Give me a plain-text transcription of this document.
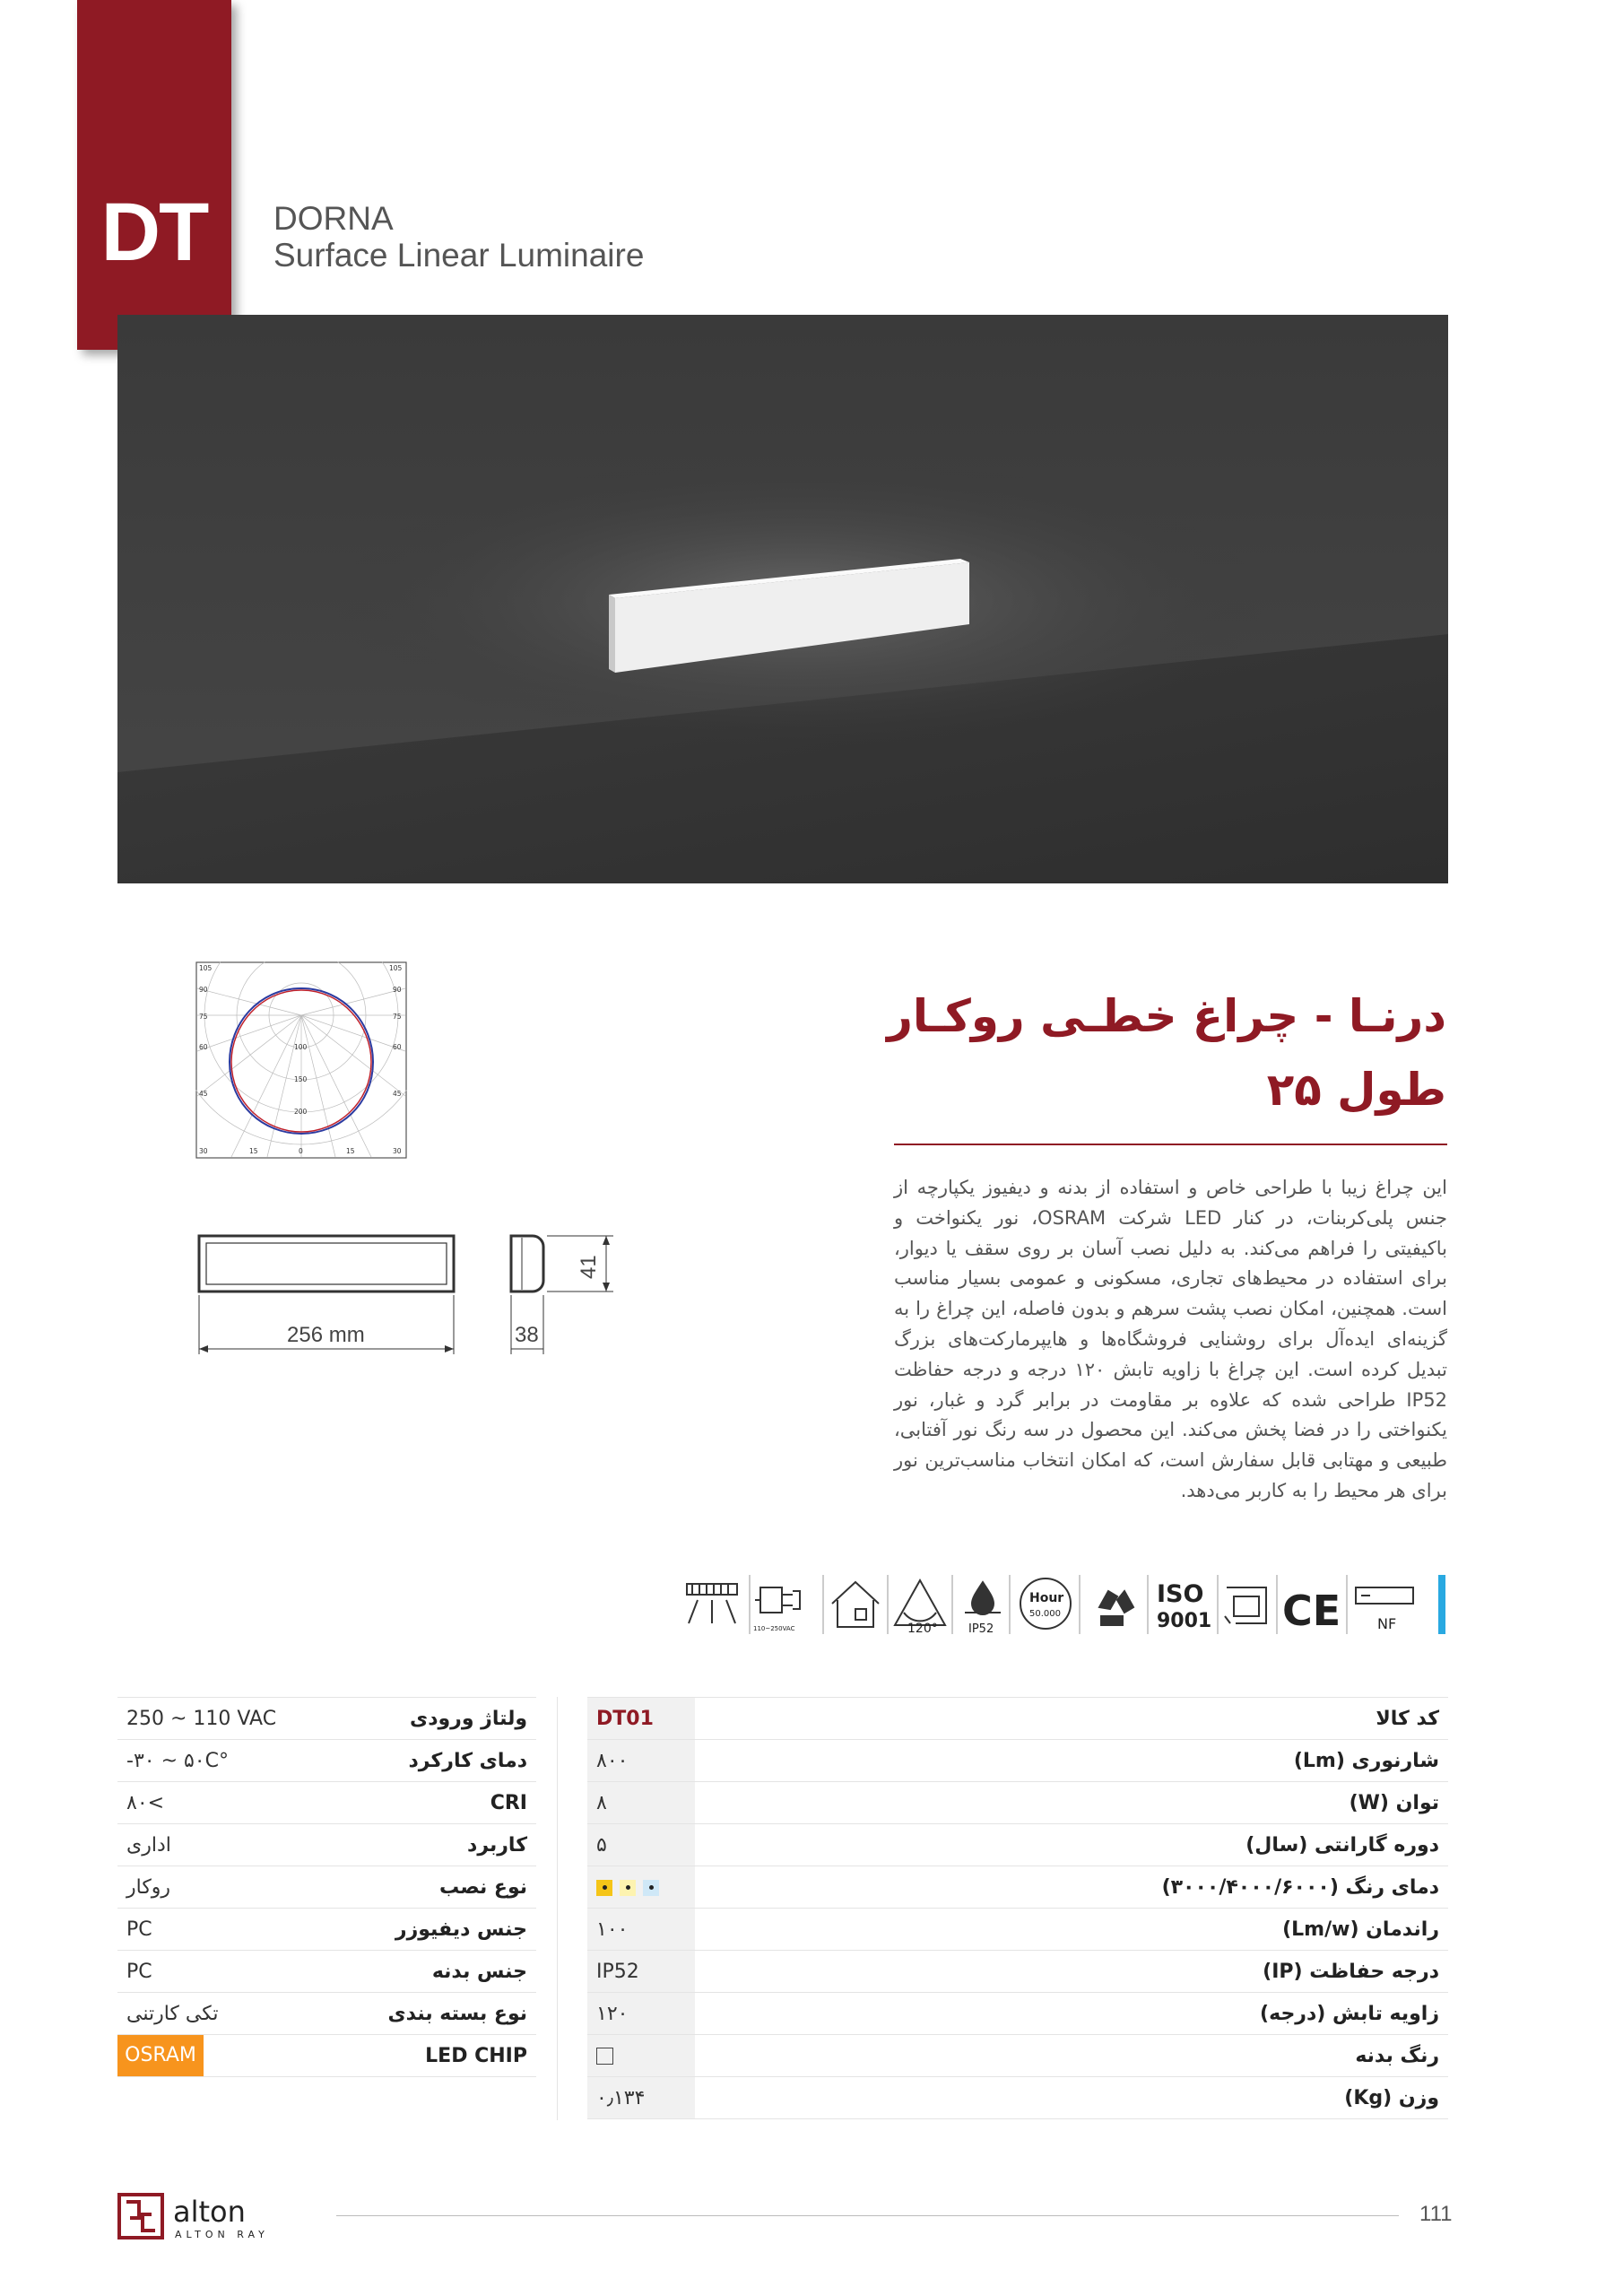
DT	DORNA
Surface Linear Luminaire
درنـا - چراغ خطـی روکـار
طول ۲۵
این چراغ زیبا با طراحی خاص و استفاده از بدنه و دیفیوز یکپارچه از جنس پلی‌کربنات، در کنار LED شرکت OSRAM، نور یکنواخت و باکیفیتی را فراهم می‌کند. به دلیل نصب آسان بر روی سقف یا دیوار، برای استفاده در محیط‌های تجاری، مسکونی و عمومی بسیار مناسب است. همچنین، امکان نصب پشت سرهم و بدون فاصله، این چراغ را به گزینه‌ای ایده‌آل برای روشنایی فروشگاه‌ها و هایپرمارکت‌های بزرگ تبدیل کرده است. این چراغ با زاویه تابش ۱۲۰ درجه و درجه حفاظت IP52 طراحی شده که علاوه بر مقاومت در برابر گرد و غبار، نور یکنواختی را در فضا پخش می‌کند. این محصول در سه رنگ نور آفتابی، طبیعی و مهتابی قابل سفارش است، که امکان انتخاب مناسب‌ترین نور برای هر محیط را به کاربر می‌دهد.
105	105
90
75
60
45
30
90
75
60
45
30
100
150
200
15	0	15
256 mm	38
41
110~250VAC	120°	IP52
Hour
50.000
ISO
9001 CE	NF
کد کالا	DT01
شارنوری (Lm)	۸۰۰
توان (W)	۸
دوره گارانتی (سال)	۵
دمای رنگ (۳۰۰۰/۴۰۰۰/۶۰۰۰)	

راندمان (Lm/w)	۱۰۰
درجه حفاظت (IP)	IP52
زاویه تابش (درجه)	۱۲۰
رنگ بدنه	
وزن (Kg)	۰٫۱۳۴
ولتاژ ورودی	250 ~ 110 VAC
دمای کارکرد	-۳۰ ~ ۵۰C°
CRI	۸۰<
کاربرد	اداری
نوع نصب	روکار
جنس دیفیوزر	PC
جنس بدنه	PC
نوع بسته بندی	تکی کارتنی
LED CHIP	OSRAM
alton
ALTON RAY
111
